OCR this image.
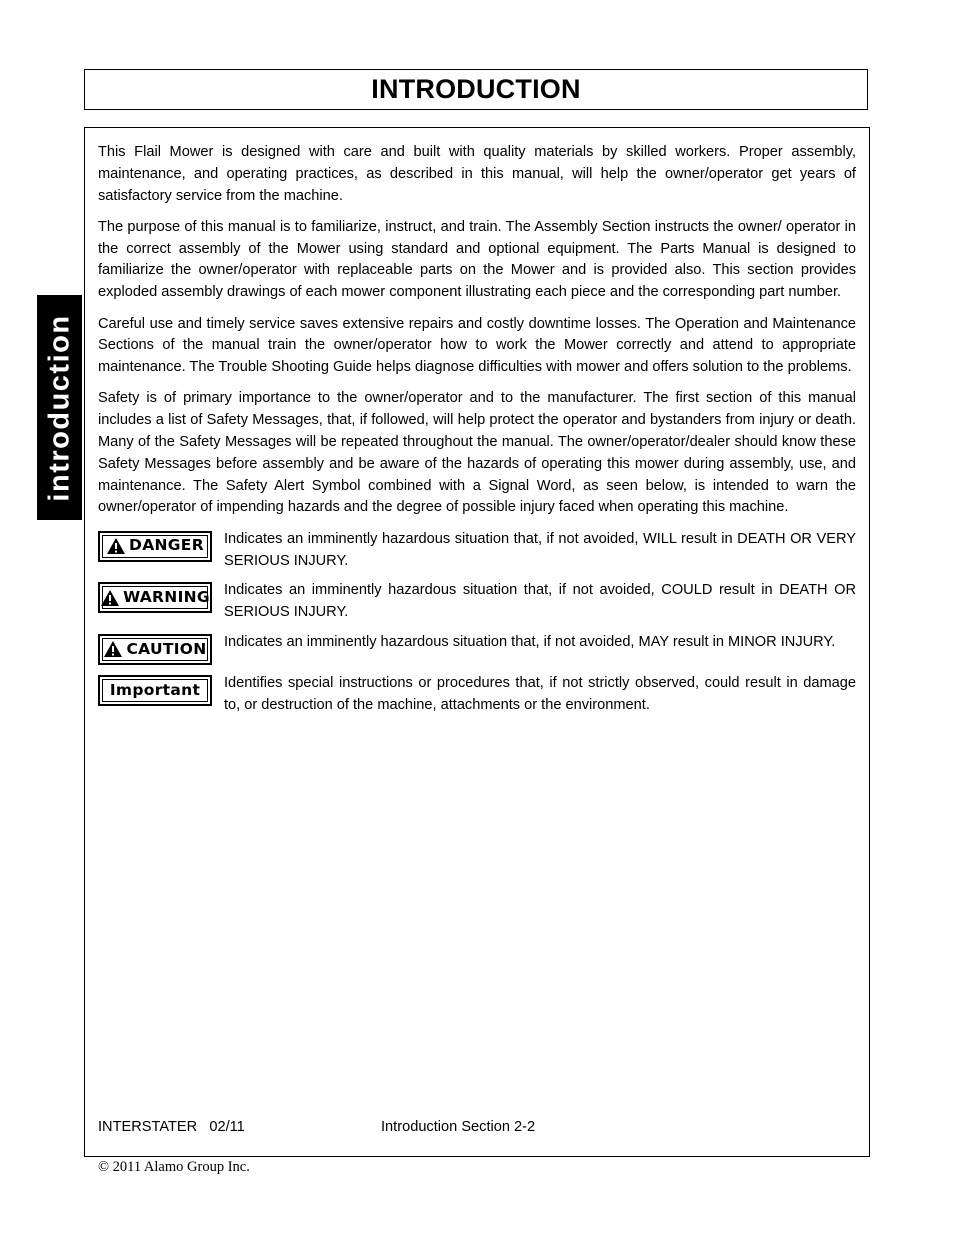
INTRODUCTION
introduction

This Flail Mower is designed with care and built with quality materials by skilled workers. Proper assembly, maintenance, and operating practices, as described in this manual, will help the owner/operator get years of satisfactory service from the machine.

The purpose of this manual is to familiarize, instruct, and train. The Assembly Section instructs the owner/ operator in the correct assembly of the Mower using standard and optional equipment. The Parts Manual is designed to familiarize the owner/operator with replaceable parts on the Mower and is provided also. This section provides exploded assembly drawings of each mower component illustrating each piece and the corresponding part number.

Careful use and timely service saves extensive repairs and costly downtime losses. The Operation and Maintenance Sections of the manual train the owner/operator how to work the Mower correctly and attend to appropriate maintenance. The Trouble Shooting Guide helps diagnose difficulties with mower and offers solution to the problems.

Safety is of primary importance to the owner/operator and to the manufacturer. The first section of this manual includes a list of Safety Messages, that, if followed, will help protect the operator and bystanders from injury or death. Many of the Safety Messages will be repeated throughout the manual. The owner/operator/dealer should know these Safety Messages before assembly and be aware of the hazards of operating this mower during assembly, use, and maintenance. The Safety Alert Symbol combined with a Signal Word, as seen below, is intended to warn the owner/operator of impending hazards and the degree of possible injury faced when operating this machine.

DANGER Indicates an imminently hazardous situation that, if not avoided, WILL result in DEATH OR VERY SERIOUS INJURY.
WARNING Indicates an imminently hazardous situation that, if not avoided, COULD result in DEATH OR SERIOUS INJURY.
CAUTION Indicates an imminently hazardous situation that, if not avoided, MAY result in MINOR INJURY.
Important Identifies special instructions or procedures that, if not strictly observed, could result in damage to, or destruction of the machine, attachments or the environment.
INTERSTATER   02/11	Introduction Section 2-2
© 2011 Alamo Group Inc.
